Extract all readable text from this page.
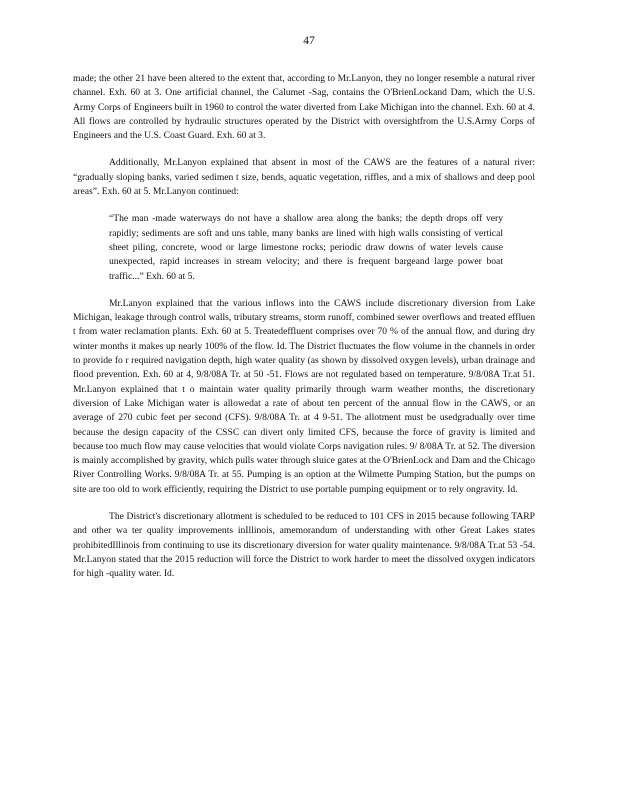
47

made; the other 21 have been altered to the extent that, according to Mr.Lanyon, they no longer resemble a natural river channel. Exh. 60 at 3. One artificial channel, the Calumet -Sag, contains the O'BrienLockand Dam, which the U.S. Army Corps of Engineers built in 1960 to control the water diverted from Lake Michigan into the channel. Exh. 60 at 4. All flows are controlled by hydraulic structures operated by the District with oversightfrom the U.S.Army Corps of Engineers and the U.S. Coast Guard. Exh. 60 at 3.

Additionally, Mr.Lanyon explained that absent in most of the CAWS are the features of a natural river: “gradually sloping banks, varied sedimen t size, bends, aquatic vegetation, riffles, and a mix of shallows and deep pool areas”. Exh. 60 at 5. Mr.Lanyon continued:

“The man -made waterways do not have a shallow area along the banks; the depth drops off very rapidly; sediments are soft and uns table, many banks are lined with high walls consisting of vertical sheet piling, concrete, wood or large limestone rocks; periodic draw downs of water levels cause unexpected, rapid increases in stream velocity; and there is frequent bargeand large power boat traffic...” Exh. 60 at 5.

Mr.Lanyon explained that the various inflows into the CAWS include discretionary diversion from Lake Michigan, leakage through control walls, tributary streams, storm runoff, combined sewer overflows and treated effluen t from water reclamation plants. Exh. 60 at 5. Treatedeffluent comprises over 70 % of the annual flow, and during dry winter months it makes up nearly 100% of the flow. Id. The District fluctuates the flow volume in the channels in order to provide fo r required navigation depth, high water quality (as shown by dissolved oxygen levels), urban drainage and flood prevention. Exh. 60 at 4, 9/8/08A Tr. at 50 -51. Flows are not regulated based on temperature. 9/8/08A Tr.at 51. Mr.Lanyon explained that t o maintain water quality primarily through warm weather months, the discretionary diversion of Lake Michigan water is allowedat a rate of about ten percent of the annual flow in the CAWS, or an average of 270 cubic feet per second (CFS). 9/8/08A Tr. at 4 9-51. The allotment must be usedgradually over time because the design capacity of the CSSC can divert only limited CFS, because the force of gravity is limited and because too much flow may cause velocities that would violate Corps navigation rules. 9/ 8/08A Tr. at 52. The diversion is mainly accomplished by gravity, which pulls water through sluice gates at the O'BrienLock and Dam and the Chicago River Controlling Works. 9/8/08A Tr. at 55. Pumping is an option at the Wilmette Pumping Station, but the pumps on site are too old to work efficiently, requiring the District to use portable pumping equipment or to rely ongravity. Id.

The District's discretionary allotment is scheduled to be reduced to 101 CFS in 2015 because following TARP and other wa ter quality improvements inIllinois, amemorandum of understanding with other Great Lakes states prohibitedIllinois from continuing to use its discretionary diversion for water quality maintenance. 9/8/08A Tr.at 53 -54. Mr.Lanyon stated that the 2015 reduction will force the District to work harder to meet the dissolved oxygen indicators for high -quality water. Id.
